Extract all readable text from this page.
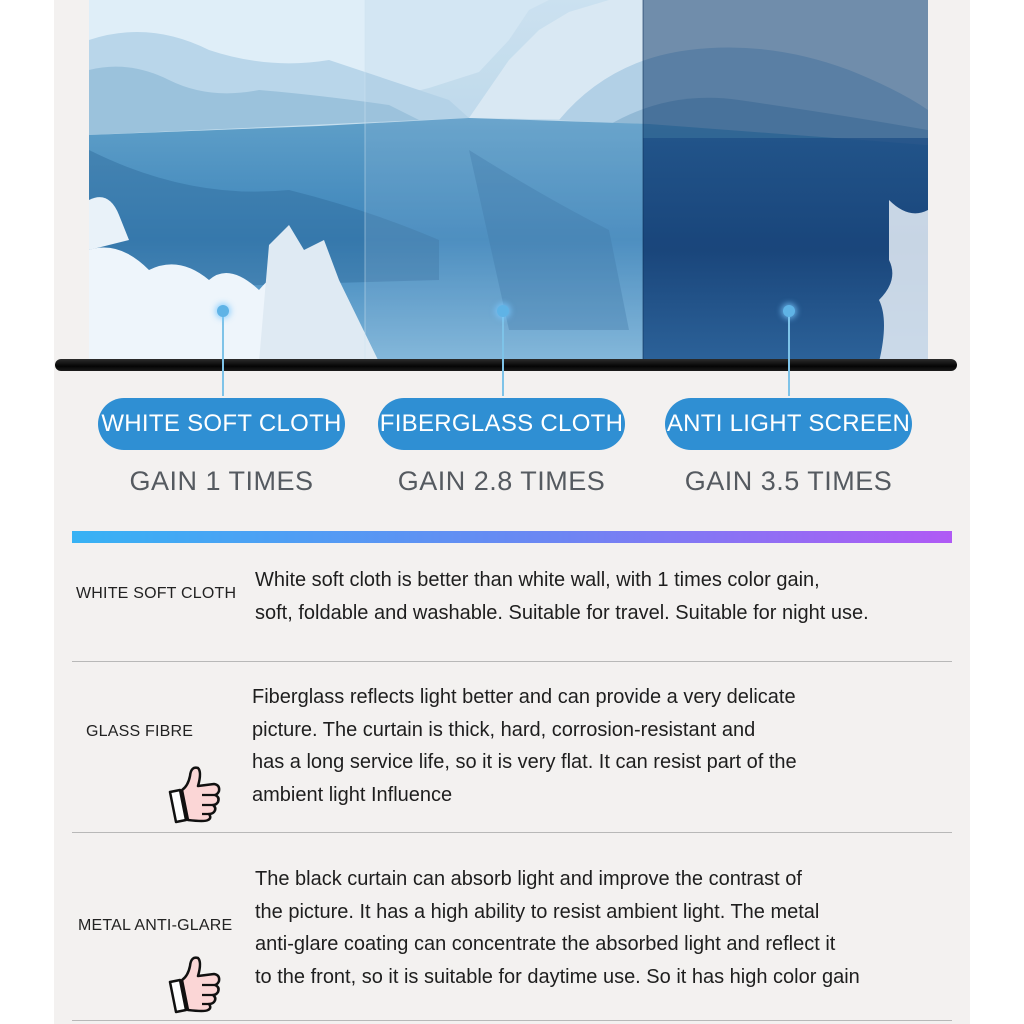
WHITE SOFT CLOTH FIBERGLASS CLOTH ANTI LIGHT SCREEN
GAIN 1 TIMES	GAIN 2.8 TIMES	GAIN 3.5 TIMES
WHITE SOFT CLOTH
White soft cloth is better than white wall, with 1 times color gain,
soft, foldable and washable. Suitable for travel. Suitable for night use.
GLASS FIBRE
Fiberglass reflects light better and can provide a very delicate
picture. The curtain is thick, hard, corrosion-resistant and
has a long service life, so it is very flat. It can resist part of the
ambient light Influence
METAL ANTI-GLARE
The black curtain can absorb light and improve the contrast of
the picture. It has a high ability to resist ambient light. The metal
anti-glare coating can concentrate the absorbed light and reflect it
to the front, so it is suitable for daytime use. So it has high color gain
